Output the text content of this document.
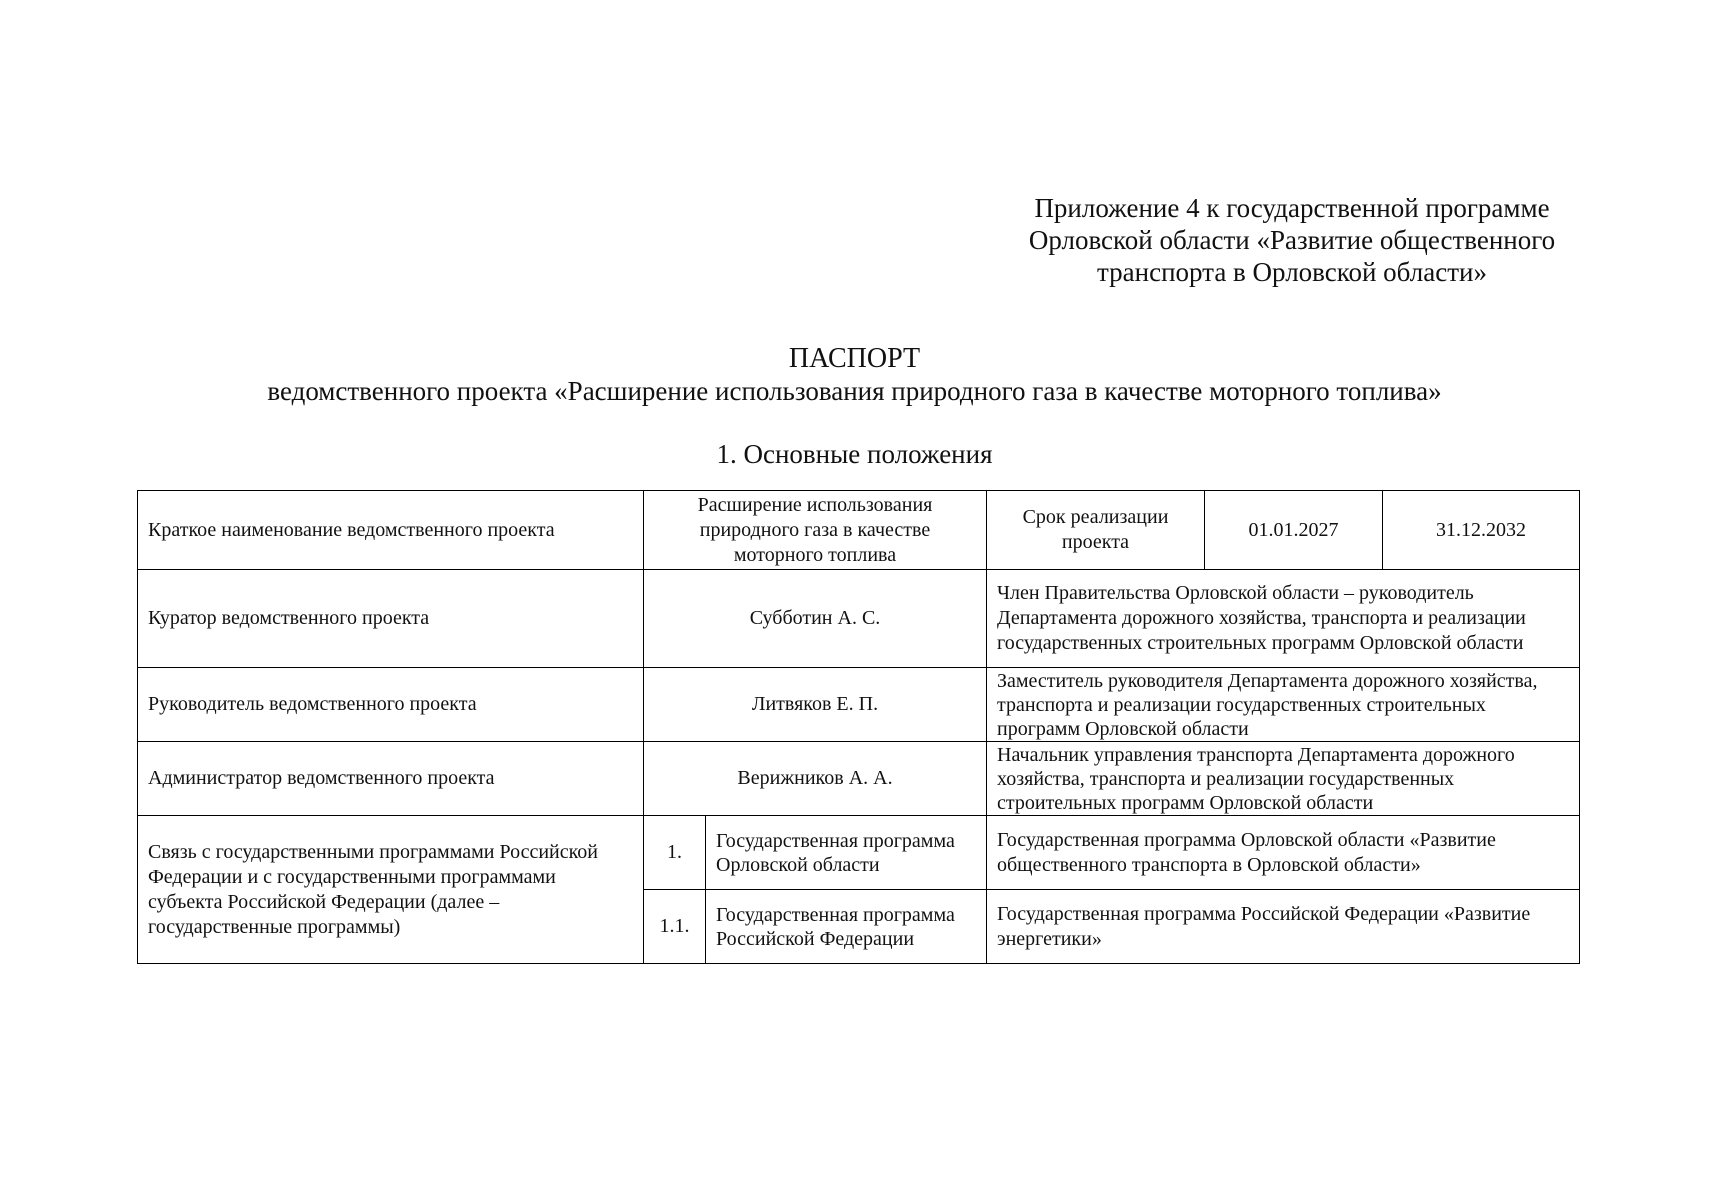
Приложение 4 к государственной программе
Орловской области «Развитие общественного
транспорта в Орловской области»
ПАСПОРТ
ведомственного проекта «Расширение использования природного газа в качестве моторного топлива»
1. Основные положения
Краткое наименование ведомственного проекта	Расширение использования природного газа в качестве моторного топлива		Срок реализации проекта	01.01.2027	31.12.2032
Куратор ведомственного проекта	Субботин А. С.		Член Правительства Орловской области – руководитель Департамента дорожного хозяйства, транспорта и реализации государственных строительных программ Орловской области		
Руководитель ведомственного проекта	Литвяков Е. П.		Заместитель руководителя Департамента дорожного хозяйства, транспорта и реализации государственных строительных программ Орловской области		
Администратор ведомственного проекта	Верижников А. А.		Начальник управления транспорта Департамента дорожного хозяйства, транспорта и реализации государственных строительных программ Орловской области		
Связь с государственными программами Российской Федерации и с государственными программами субъекта Российской Федерации (далее – государственные программы)	1.	Государственная программа Орловской области	Государственная программа Орловской области «Развитие общественного транспорта в Орловской области»		
	1.1.	Государственная программа Российской Федерации	Государственная программа Российской Федерации «Развитие энергетики»		
